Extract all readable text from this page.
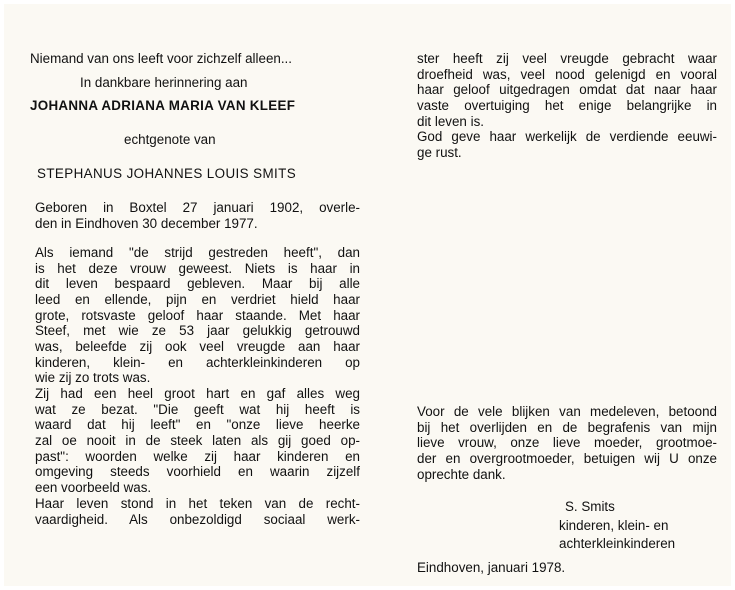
Niemand van ons leeft voor zichzelf alleen...
In dankbare herinnering aan
JOHANNA ADRIANA MARIA VAN KLEEF
echtgenote van
STEPHANUS JOHANNES LOUIS SMITS
Geboren in Boxtel 27 januari 1902, overle-
den in Eindhoven 30 december 1977.
Als iemand "de strijd gestreden heeft", dan
is het deze vrouw geweest. Niets is haar in
dit leven bespaard gebleven. Maar bij alle
leed en ellende, pijn en verdriet hield haar
grote, rotsvaste geloof haar staande. Met haar
Steef, met wie ze 53 jaar gelukkig getrouwd
was, beleefde zij ook veel vreugde aan haar
kinderen, klein- en achterkleinkinderen op
wie zij zo trots was.
Zij had een heel groot hart en gaf alles weg
wat ze bezat. "Die geeft wat hij heeft is
waard dat hij leeft" en "onze lieve heerke
zal oe nooit in de steek laten als gij goed op-
past": woorden welke zij haar kinderen en
omgeving steeds voorhield en waarin zijzelf
een voorbeeld was.
Haar leven stond in het teken van de recht-
vaardigheid. Als onbezoldigd sociaal werk-
ster heeft zij veel vreugde gebracht waar
droefheid was, veel nood gelenigd en vooral
haar geloof uitgedragen omdat dat naar haar
vaste overtuiging het enige belangrijke in
dit leven is.
God geve haar werkelijk de verdiende eeuwi-
ge rust.
Voor de vele blijken van medeleven, betoond
bij het overlijden en de begrafenis van mijn
lieve vrouw, onze lieve moeder, grootmoe-
der en overgrootmoeder, betuigen wij U onze
oprechte dank.
S. Smits
kinderen, klein- en
achterkleinkinderen
Eindhoven, januari 1978.
